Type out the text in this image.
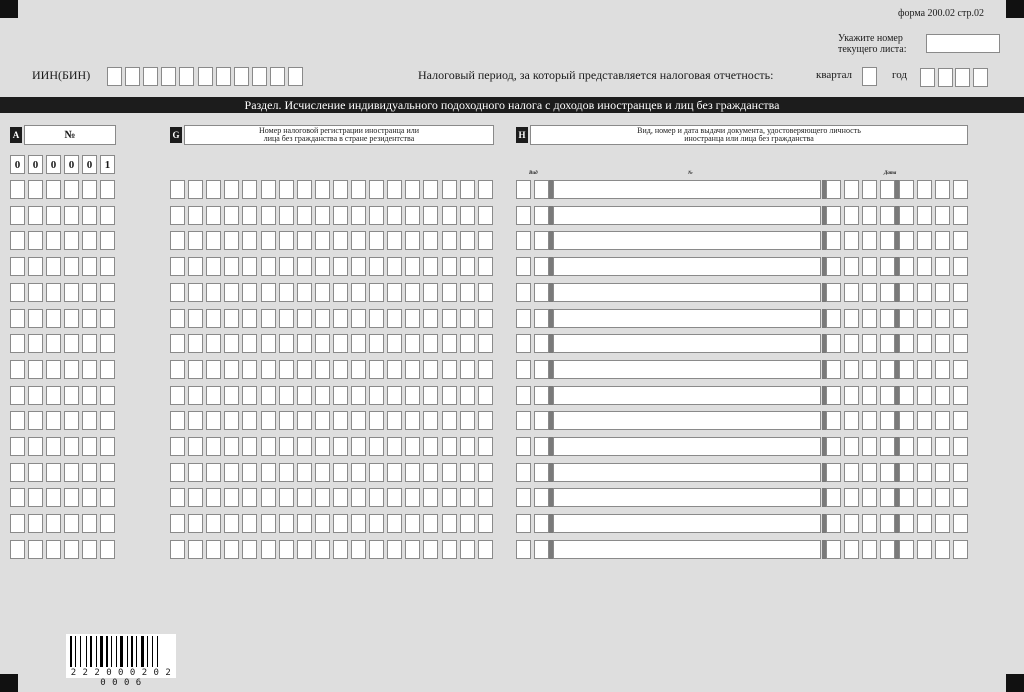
форма 200.02 стр.02
Укажите номер текущего листа:
ИИН(БИН)	Налоговый период, за который представляется налоговая отчетность:	квартал	год
Раздел. Исчисление индивидуального подоходного налога с доходов иностранцев и лиц без гражданства
A	№	G	Номер налоговой регистрации иностранца или
лица без гражданства в стране резидентства	H	Вид, номер и дата выдачи документа, удостоверяющего личность
иностранца или лица без гражданства
Вид	№	Дата
2 2 2 0 0 0 2 0 2 0 0 0 6
0	0	0	0	0	1
